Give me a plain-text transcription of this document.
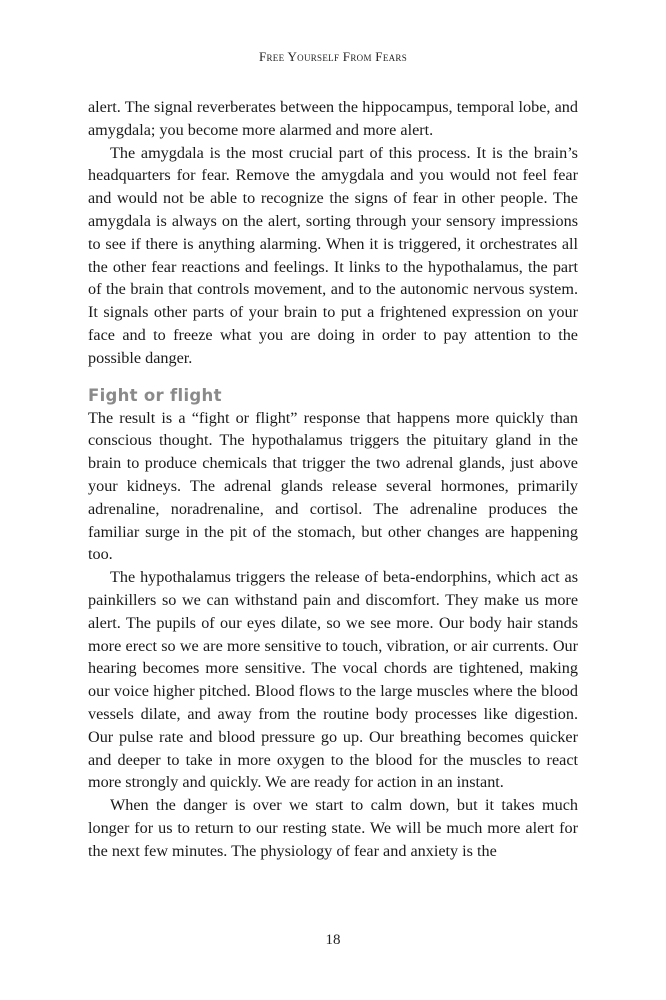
Free Yourself From Fears

alert. The signal reverberates between the hippocampus, temporal lobe, and amygdala; you become more alarmed and more alert.

The amygdala is the most crucial part of this process. It is the brain’s headquarters for fear. Remove the amygdala and you would not feel fear and would not be able to recognize the signs of fear in other people. The amygdala is always on the alert, sorting through your sensory impressions to see if there is anything alarming. When it is triggered, it orchestrates all the other fear reactions and feelings. It links to the hypothalamus, the part of the brain that controls movement, and to the autonomic nervous system. It signals other parts of your brain to put a frightened expression on your face and to freeze what you are doing in order to pay attention to the possible danger.

Fight or flight

The result is a “fight or flight” response that happens more quickly than conscious thought. The hypothalamus triggers the pituitary gland in the brain to produce chemicals that trigger the two adrenal glands, just above your kidneys. The adrenal glands release several hormones, primarily adrenaline, noradrenaline, and cortisol. The adrenaline produces the familiar surge in the pit of the stomach, but other changes are happening too.

The hypothalamus triggers the release of beta-endorphins, which act as painkillers so we can withstand pain and discomfort. They make us more alert. The pupils of our eyes dilate, so we see more. Our body hair stands more erect so we are more sensitive to touch, vibration, or air currents. Our hearing becomes more sensitive. The vocal chords are tightened, making our voice higher pitched. Blood flows to the large muscles where the blood vessels dilate, and away from the routine body processes like digestion. Our pulse rate and blood pressure go up. Our breathing becomes quicker and deeper to take in more oxygen to the blood for the muscles to react more strongly and quickly. We are ready for action in an instant.

When the danger is over we start to calm down, but it takes much longer for us to return to our resting state. We will be much more alert for the next few minutes. The physiology of fear and anxiety is the

18
